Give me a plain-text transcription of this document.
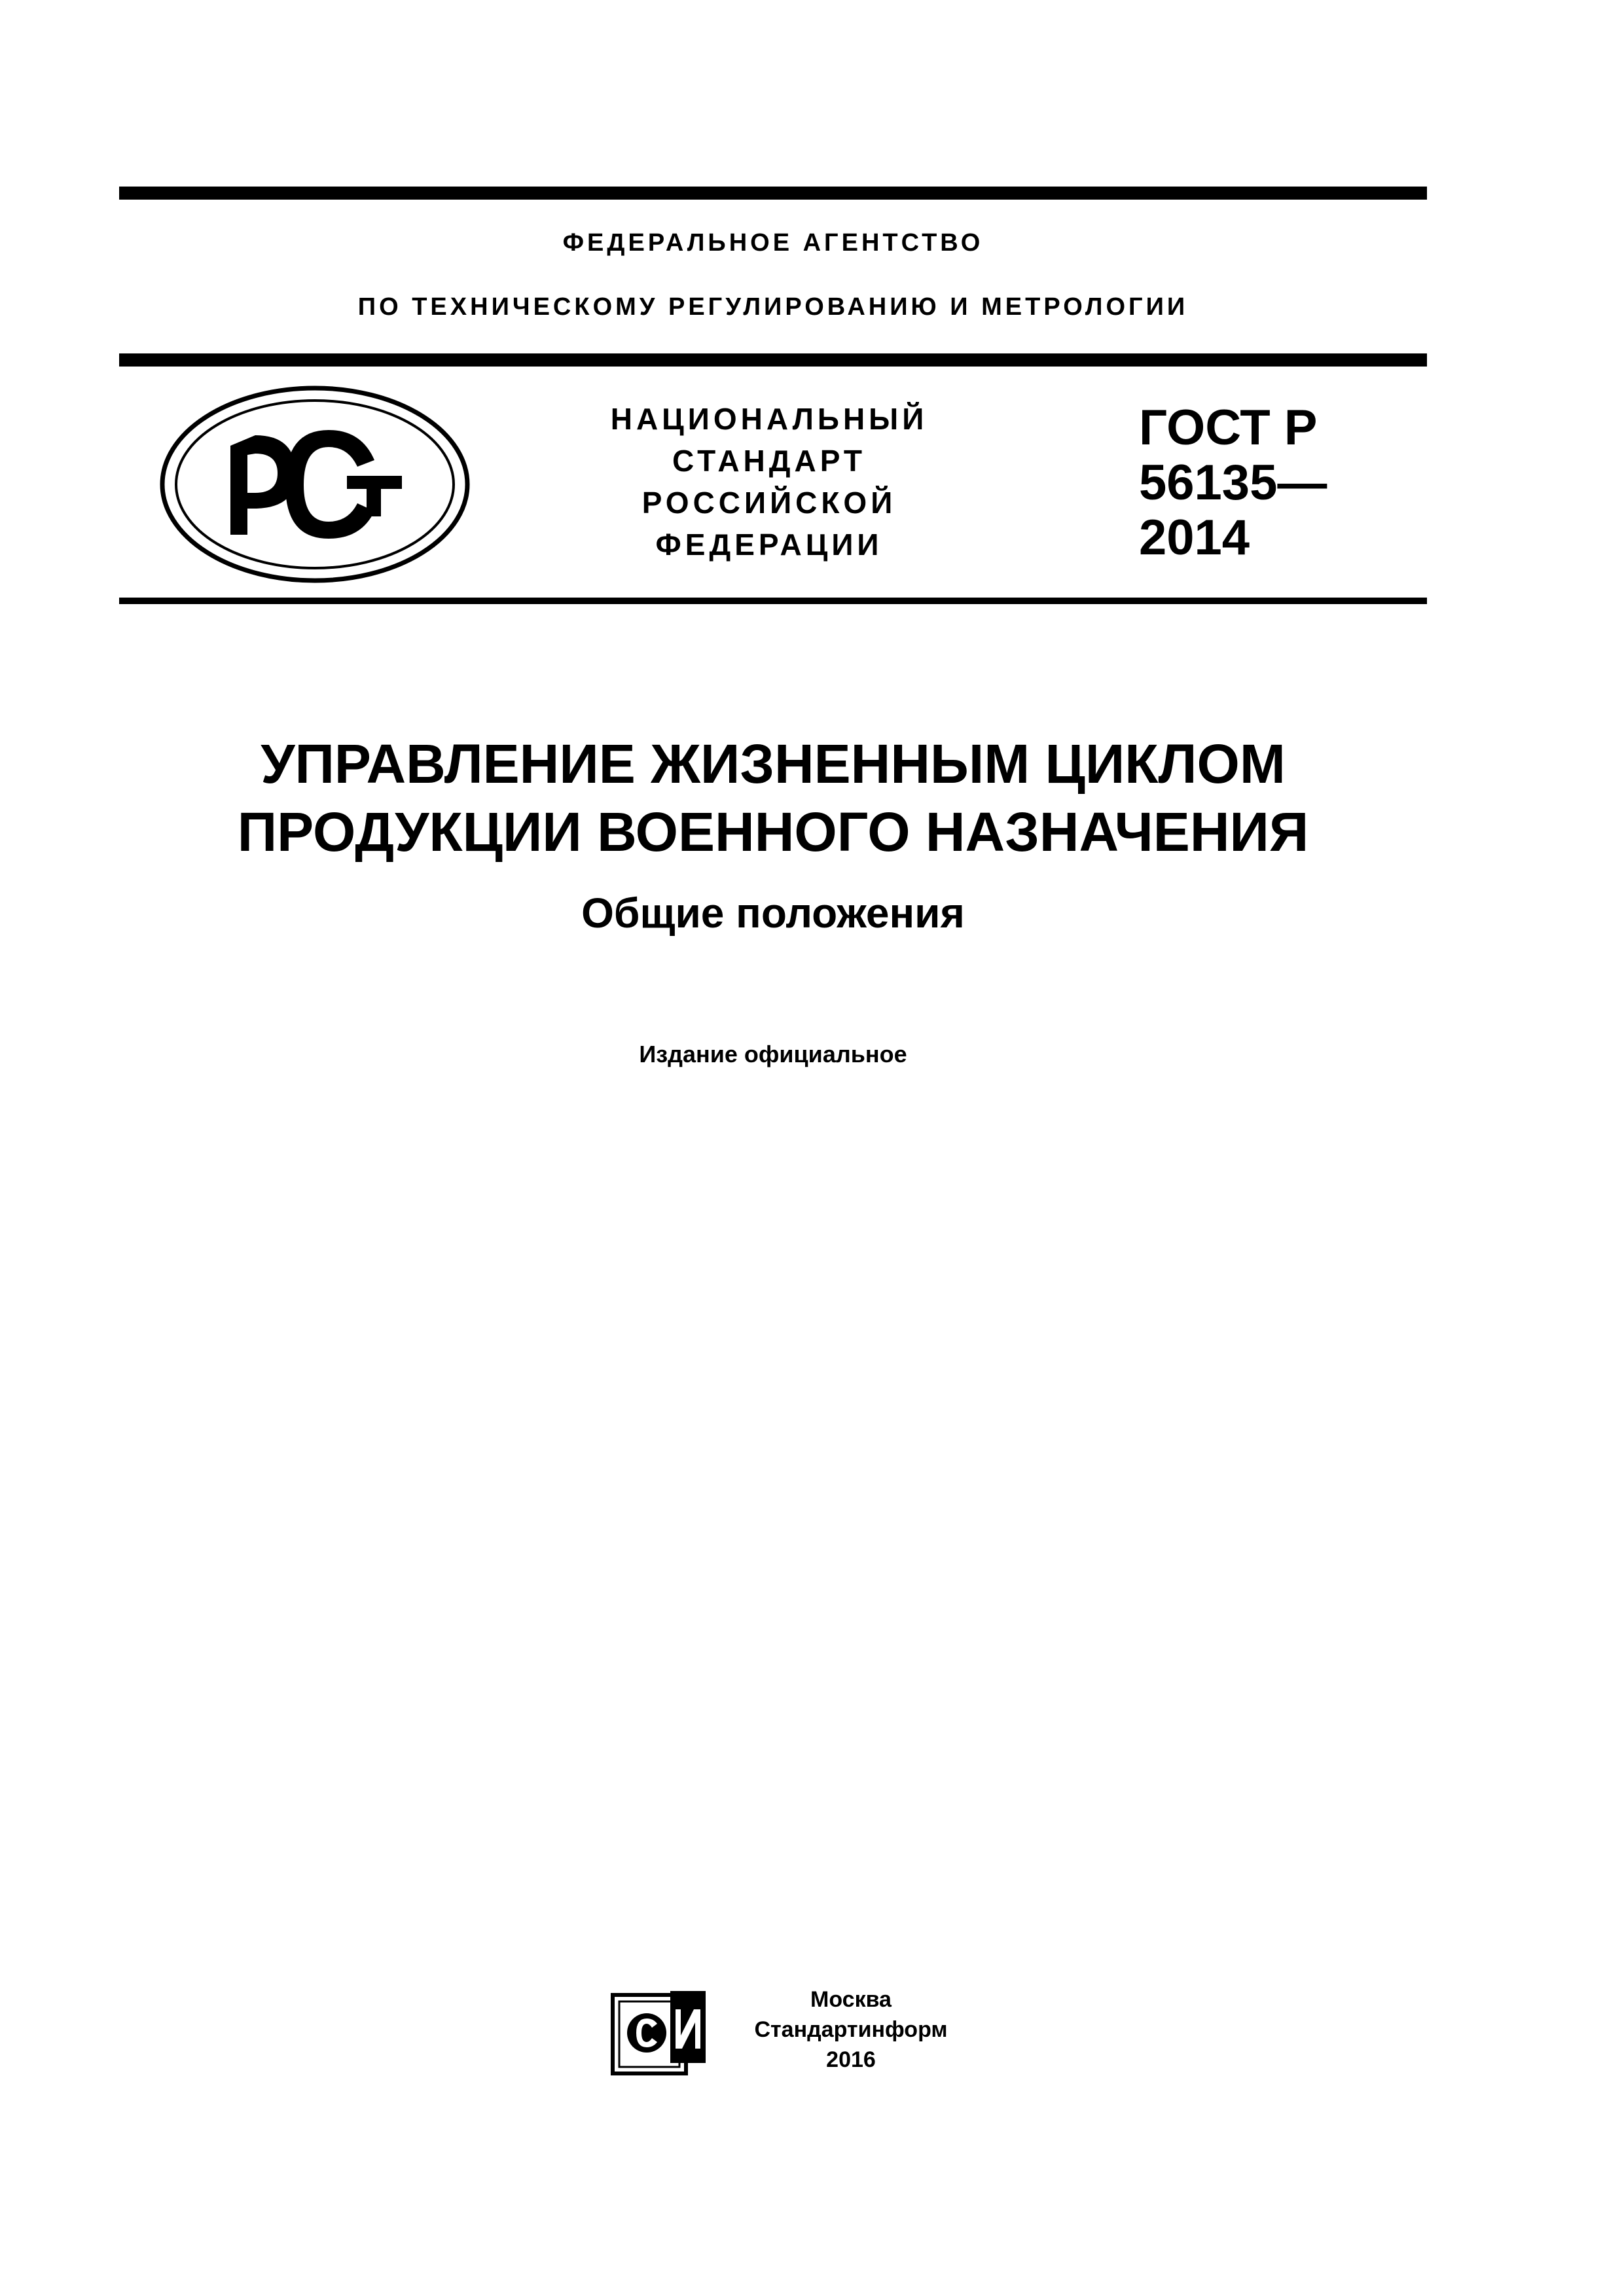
ФЕДЕРАЛЬНОЕ АГЕНТСТВО
ПО ТЕХНИЧЕСКОМУ РЕГУЛИРОВАНИЮ И МЕТРОЛОГИИ
НАЦИОНАЛЬНЫЙ
СТАНДАРТ
РОССИЙСКОЙ
ФЕДЕРАЦИИ
ГОСТ Р
56135—
2014
УПРАВЛЕНИЕ ЖИЗНЕННЫМ ЦИКЛОМ
ПРОДУКЦИИ ВОЕННОГО НАЗНАЧЕНИЯ
Общие положения
Издание официальное
Москва
Стандартинформ
2016
